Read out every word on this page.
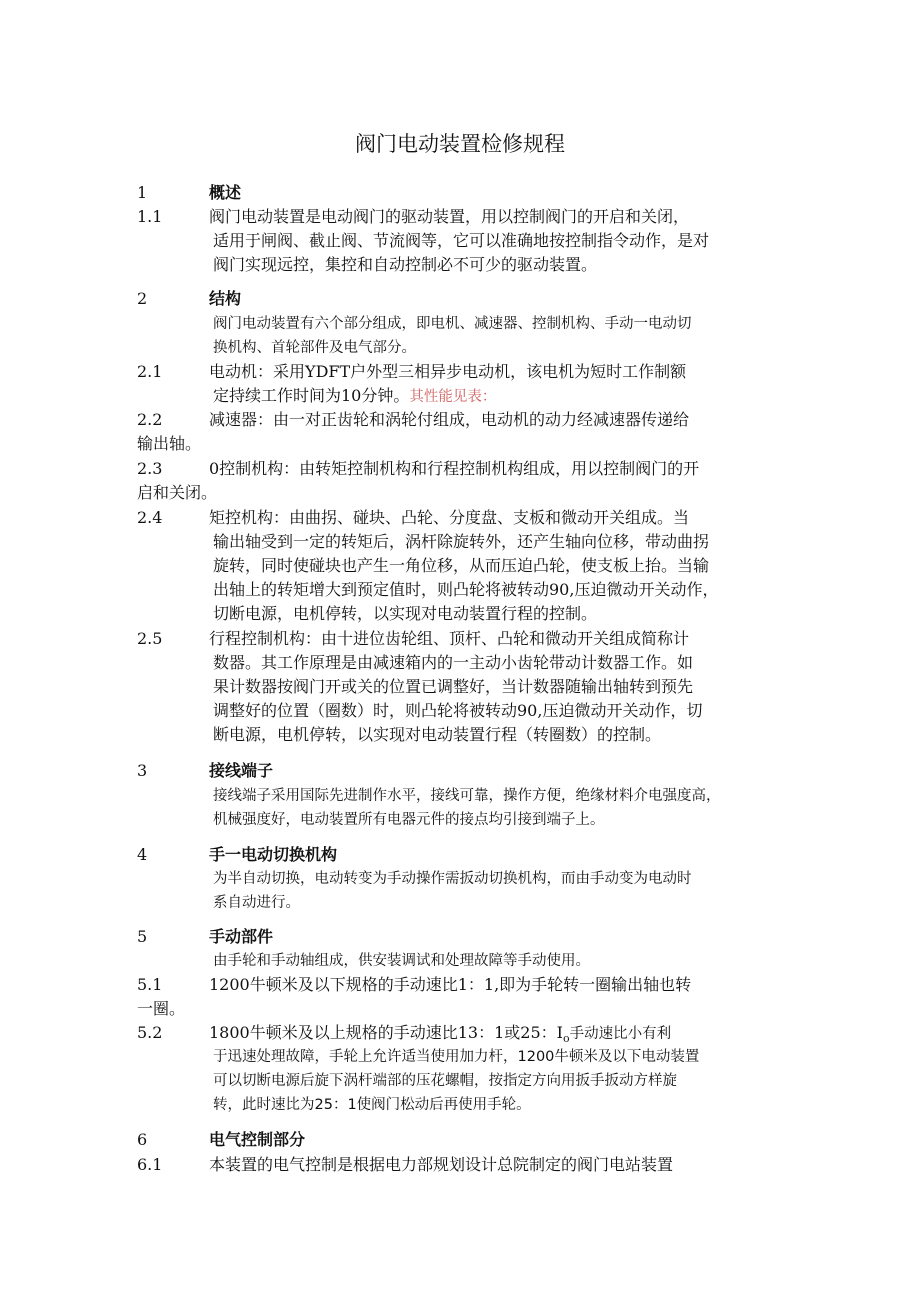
阀门电动装置检修规程
1	概述
1.1	阀门电动装置是电动阀门的驱动装置，用以控制阀门的开启和关闭，
适用于闸阀、截止阀、节流阀等，它可以准确地按控制指令动作，是对
阀门实现远控，集控和自动控制必不可少的驱动装置。
2	结构
阀门电动装置有六个部分组成，即电机、减速器、控制机构、手动一电动切
换机构、首轮部件及电气部分。
2.1	电动机：采用YDFT户外型三相异步电动机，该电机为短时工作制额
定持续工作时间为10分钟。其性能见表：
2.2	减速器：由一对正齿轮和涡轮付组成，电动机的动力经减速器传递给
输出轴。
2.3	0控制机构：由转矩控制机构和行程控制机构组成，用以控制阀门的开
启和关闭。
2.4	矩控机构：由曲拐、碰块、凸轮、分度盘、支板和微动开关组成。当
输出轴受到一定的转矩后，涡杆除旋转外，还产生轴向位移，带动曲拐
旋转，同时使碰块也产生一角位移，从而压迫凸轮，使支板上抬。当输
出轴上的转矩增大到预定值时，则凸轮将被转动90,压迫微动开关动作，
切断电源，电机停转，以实现对电动装置行程的控制。
2.5	行程控制机构：由十进位齿轮组、顶杆、凸轮和微动开关组成简称计
数器。其工作原理是由减速箱内的一主动小齿轮带动计数器工作。如
果计数器按阀门开或关的位置已调整好，当计数器随输出轴转到预先
调整好的位置（圈数）时，则凸轮将被转动90,压迫微动开关动作，切
断电源，电机停转，以实现对电动装置行程（转圈数）的控制。
3	接线端子
接线端子采用国际先进制作水平，接线可靠，操作方便，绝缘材料介电强度高，
机械强度好，电动装置所有电器元件的接点均引接到端子上。
4	手一电动切换机构
为半自动切换，电动转变为手动操作需扳动切换机构，而由手动变为电动时
系自动进行。
5	手动部件
由手轮和手动轴组成，供安装调试和处理故障等手动使用。
5.1	1200牛顿米及以下规格的手动速比1：1,即为手轮转一圈输出轴也转
一圈。
5.2	1800牛顿米及以上规格的手动速比13：1或25：$I_o$手动速比小有利
于迅速处理故障，手轮上允许适当使用加力杆，1200牛顿米及以下电动装置
可以切断电源后旋下涡杆端部的压花螺帽，按指定方向用扳手扳动方样旋
转，此时速比为25：1使阀门松动后再使用手轮。
6	电气控制部分
6.1	本装置的电气控制是根据电力部规划设计总院制定的阀门电站装置
